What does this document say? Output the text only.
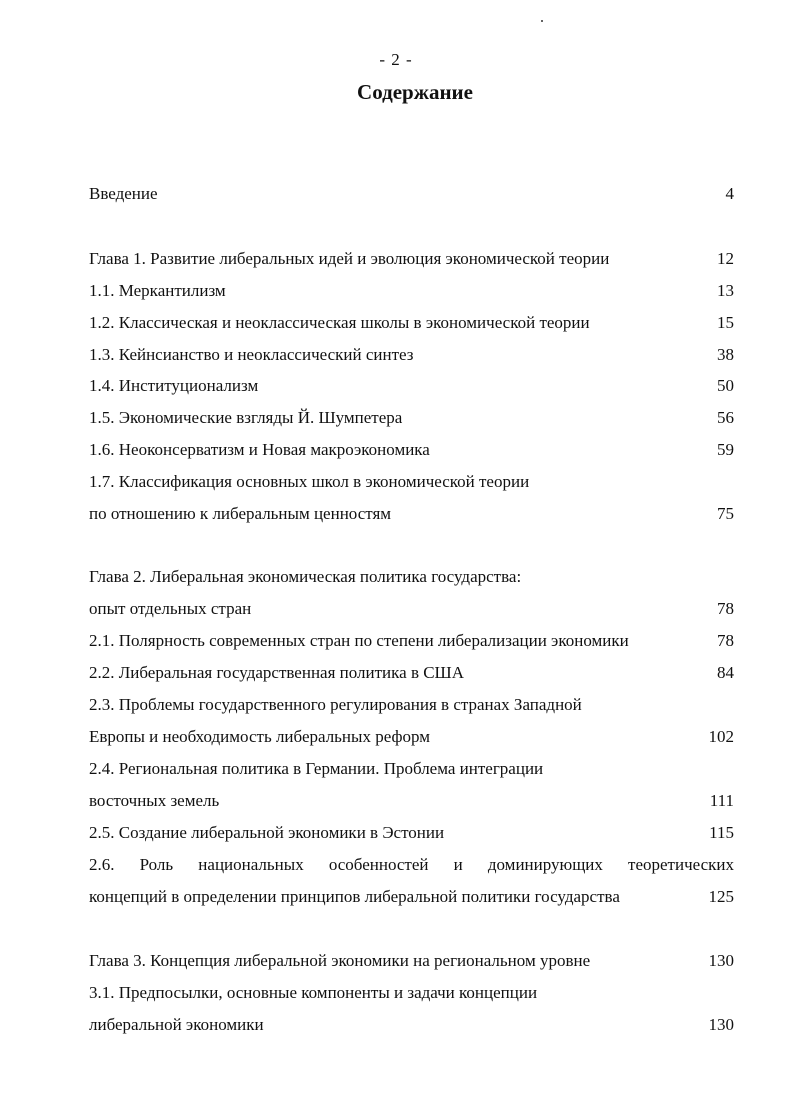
- 2 -
Содержание
Введение	4
Глава 1. Развитие либеральных идей и эволюция экономической теории	12
1.1. Меркантилизм	13
1.2. Классическая и неоклассическая школы в экономической теории	15
1.3. Кейнсианство и неоклассический синтез	38
1.4. Институционализм	50
1.5. Экономические взгляды Й. Шумпетера	56
1.6. Неоконсерватизм и Новая макроэкономика	59
1.7. Классификация основных школ в экономической теории
по отношению к либеральным ценностям	75
Глава 2. Либеральная экономическая политика государства:
опыт отдельных стран	78
2.1. Полярность современных стран по степени либерализации экономики	78
2.2. Либеральная государственная политика в США	84
2.3. Проблемы государственного регулирования в странах Западной
Европы и необходимость либеральных реформ	102
2.4. Региональная политика в Германии. Проблема интеграции
восточных земель	111
2.5. Создание либеральной экономики в Эстонии	115
2.6. Роль национальных особенностей и доминирующих теоретических
концепций в определении принципов либеральной политики государства	125
Глава 3. Концепция либеральной экономики на региональном уровне	130
3.1. Предпосылки, основные компоненты и задачи концепции
либеральной экономики	130
